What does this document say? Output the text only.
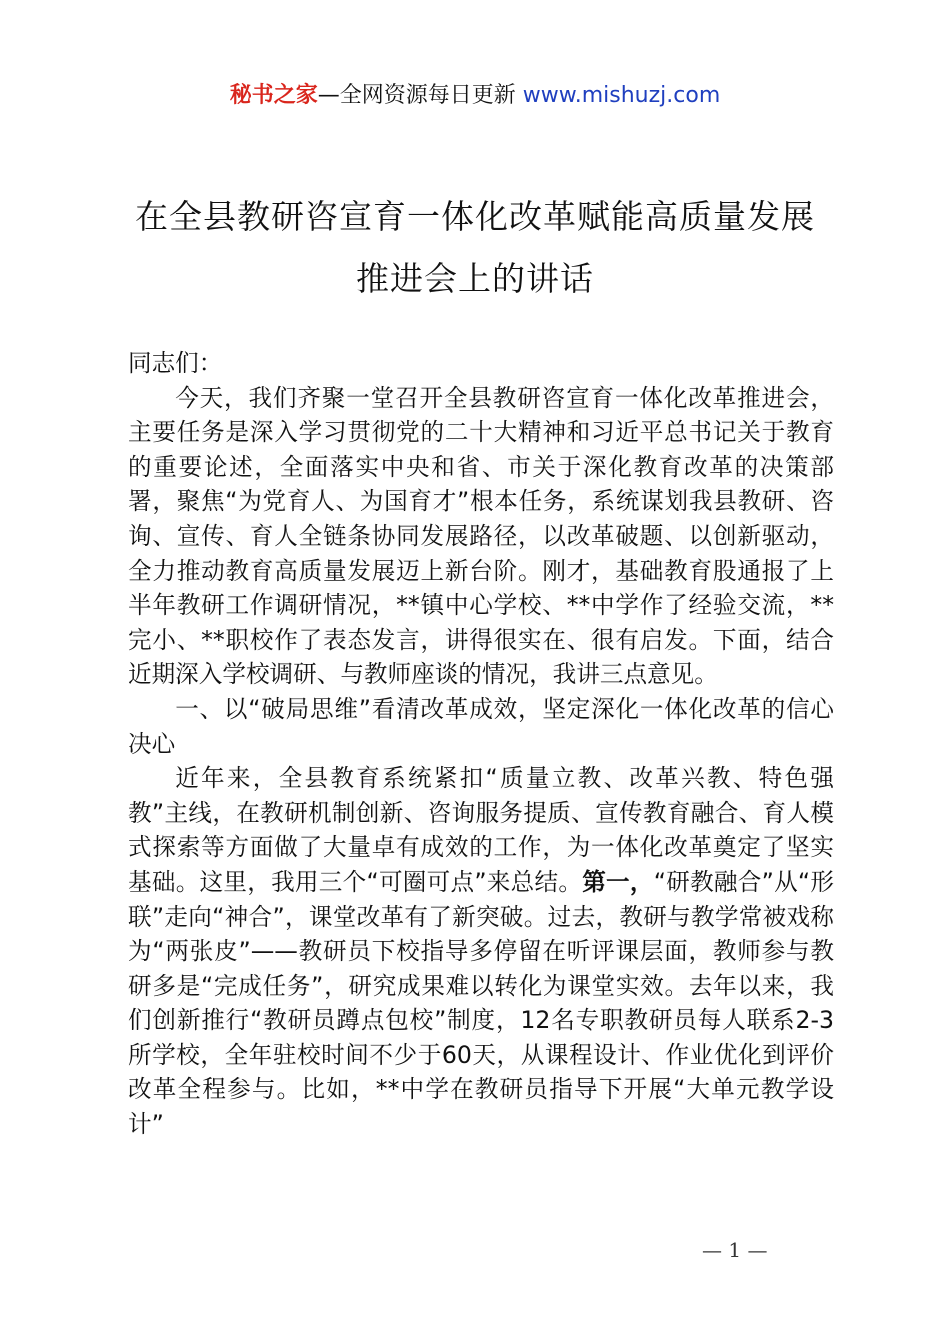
秘书之家—全网资源每日更新 www.mishuzj.com
在全县教研咨宣育一体化改革赋能高质量发展
推进会上的讲话

同志们：

今天，我们齐聚一堂召开全县教研咨宣育一体化改革推进会，主要任务是深入学习贯彻党的二十大精神和习近平总书记关于教育的重要论述，全面落实中央和省、市关于深化教育改革的决策部署，聚焦“为党育人、为国育才”根本任务，系统谋划我县教研、咨询、宣传、育人全链条协同发展路径，以改革破题、以创新驱动，全力推动教育高质量发展迈上新台阶。刚才，基础教育股通报了上半年教研工作调研情况，**镇中心学校、**中学作了经验交流，**完小、**职校作了表态发言，讲得很实在、很有启发。下面，结合近期深入学校调研、与教师座谈的情况，我讲三点意见。

一、以“破局思维”看清改革成效，坚定深化一体化改革的信心决心

近年来，全县教育系统紧扣“质量立教、改革兴教、特色强教”主线，在教研机制创新、咨询服务提质、宣传教育融合、育人模式探索等方面做了大量卓有成效的工作，为一体化改革奠定了坚实基础。这里，我用三个“可圈可点”来总结。第一，“研教融合”从“形联”走向“神合”，课堂改革有了新突破。过去，教研与教学常被戏称为“两张皮”——教研员下校指导多停留在听评课层面，教师参与教研多是“完成任务”，研究成果难以转化为课堂实效。去年以来，我们创新推行“教研员蹲点包校”制度，12名专职教研员每人联系2-3所学校，全年驻校时间不少于60天，从课程设计、作业优化到评价改革全程参与。比如，**中学在教研员指导下开展“大单元教学设计”

— 1 —
